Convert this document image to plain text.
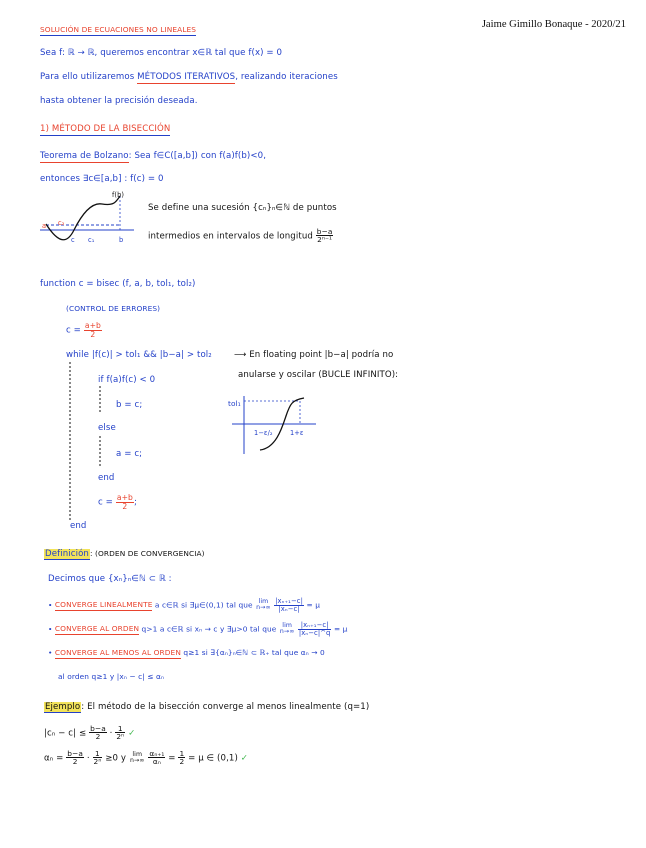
Jaime Gimillo Bonaque - 2020/21
SOLUCIÓN DE ECUACIONES NO LINEALES
Sea f: ℝ → ℝ, queremos encontrar x∈ℝ tal que f(x) = 0
Para ello utilizaremos MÉTODOS ITERATIVOS, realizando iteraciones
hasta obtener la precisión deseada.
1) MÉTODO DE LA BISECCIÓN
Teorema de Bolzano: Sea f∈C([a,b]) con f(a)f(b)<0,
entonces ∃c∈[a,b] : f(c) = 0
f(b)
a c₂
c c₁	b
Se define una sucesión {cₙ}ₙ∈ℕ de puntos
intermedios en intervalos de longitud $\frac{b-a}{\text{2ⁿ⁻¹}}$
function c = bisec (f, a, b, tol₁, tol₂)
(CONTROL DE ERRORES)
$c = \frac{a+b}{2}$
while |f(c)| > tol₁ && |b−a| > tol₂	⟶ En floating point |b−a| podría no
anularse y oscilar (BUCLE INFINITO):
if f(a)f(c) < 0
b = c;
else
a = c;
end
$c = \frac{a+b}{2}$ ;
end
tol₁
1−ε/₂	1+ε
Definición: (ORDEN DE CONVERGENCIA)
Decimos que {xₙ}ₙ∈ℕ ⊂ ℝ :
• CONVERGE LINEALMENTE a c∈ℝ si ∃μ∈(0,1) tal que lim
n→∞
$\frac{\text{|xₙ₊₁−c|}}{\text{|xₙ−c|}} = \mu$
• CONVERGE AL ORDEN q>1 a c∈ℝ si xₙ → c y ∃μ>0 tal que lim
n→∞
$\frac{\text{|xₙ₊₁−c|}}{\text{|xₙ−c|\textasciicircum{}q}} = \mu$
• CONVERGE AL MENOS AL ORDEN q≥1 si ∃{αₙ}ₙ∈ℕ ⊂ ℝ₊ tal que αₙ → 0
al orden q≥1 y |xₙ − c| ≤ αₙ
Ejemplo: El método de la bisección converge al menos linealmente (q=1)
$|c_n - c| \le \frac{b-a}{2} \cdot \frac{1}{\text{2ⁿ}}$ ✓
$\alpha_n = \frac{b-a}{2} \cdot \frac{1}{\text{2ⁿ}} \ge 0$ y	lim
n→∞
$\frac{\text{αₙ₊₁}}{\text{αₙ}} = \frac{1}{2} = \mu$ ∈ (0,1) ✓
